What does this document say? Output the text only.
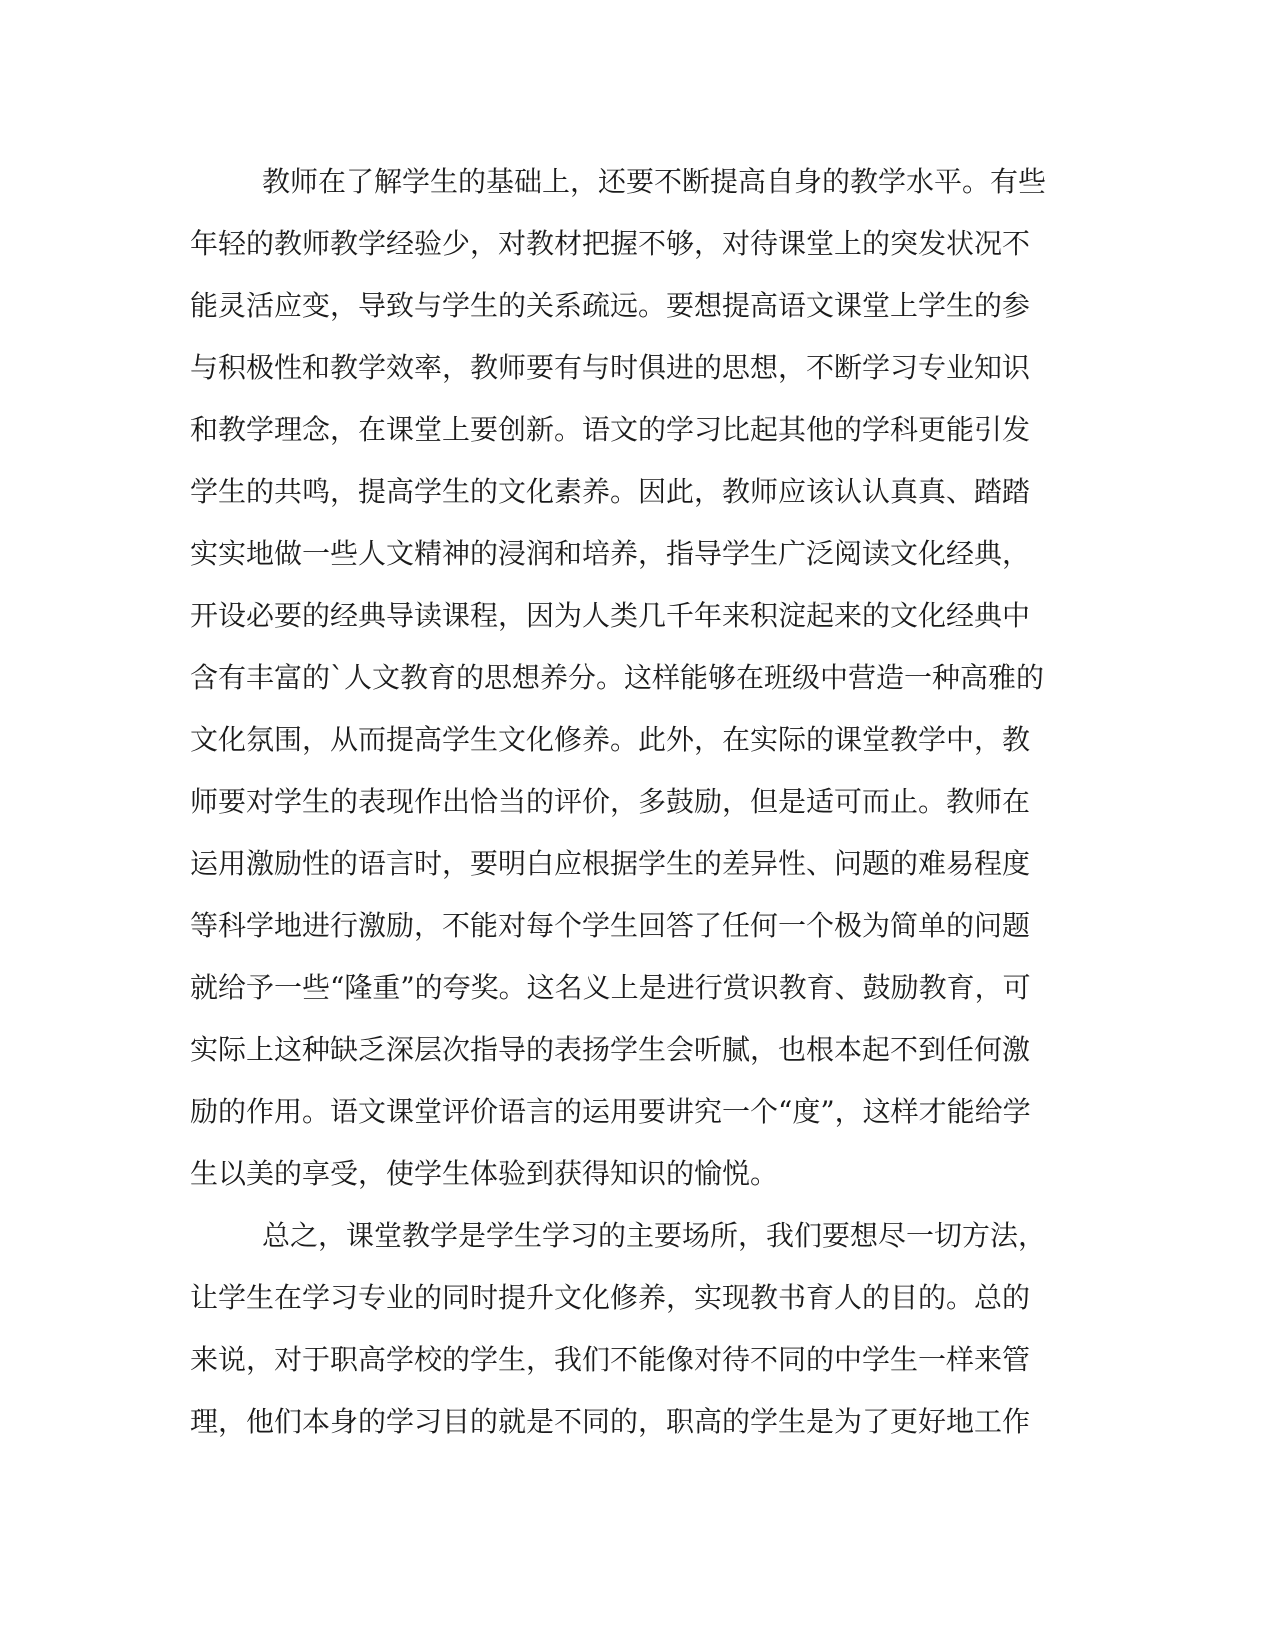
教师在了解学生的基础上，还要不断提高自身的教学水平。有些
年轻的教师教学经验少，对教材把握不够，对待课堂上的突发状况不
能灵活应变，导致与学生的关系疏远。要想提高语文课堂上学生的参
与积极性和教学效率，教师要有与时俱进的思想，不断学习专业知识
和教学理念，在课堂上要创新。语文的学习比起其他的学科更能引发
学生的共鸣，提高学生的文化素养。因此，教师应该认认真真、踏踏
实实地做一些人文精神的浸润和培养，指导学生广泛阅读文化经典，
开设必要的经典导读课程，因为人类几千年来积淀起来的文化经典中
含有丰富的`人文教育的思想养分。这样能够在班级中营造一种高雅的
文化氛围，从而提高学生文化修养。此外，在实际的课堂教学中，教
师要对学生的表现作出恰当的评价，多鼓励，但是适可而止。教师在
运用激励性的语言时，要明白应根据学生的差异性、问题的难易程度
等科学地进行激励，不能对每个学生回答了任何一个极为简单的问题
就给予一些“隆重”的夸奖。这名义上是进行赏识教育、鼓励教育，可
实际上这种缺乏深层次指导的表扬学生会听腻，也根本起不到任何激
励的作用。语文课堂评价语言的运用要讲究一个“度”，这样才能给学
生以美的享受，使学生体验到获得知识的愉悦。
总之，课堂教学是学生学习的主要场所，我们要想尽一切方法，
让学生在学习专业的同时提升文化修养，实现教书育人的目的。总的
来说，对于职高学校的学生，我们不能像对待不同的中学生一样来管
理，他们本身的学习目的就是不同的，职高的学生是为了更好地工作
